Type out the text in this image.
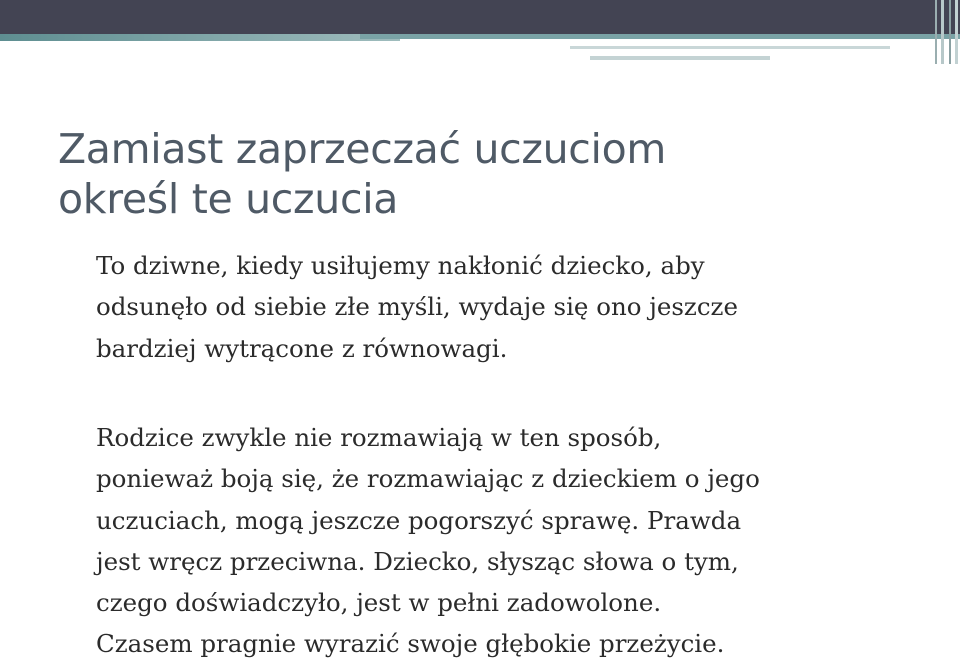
Zamiast zaprzeczać uczuciom
określ te uczucia

To dziwne, kiedy usiłujemy nakłonić dziecko, aby
odsunęło od siebie złe myśli, wydaje się ono jeszcze
bardziej wytrącone z równowagi.

Rodzice zwykle nie rozmawiają w ten sposób,
ponieważ boją się, że rozmawiając z dzieckiem o jego
uczuciach, mogą jeszcze pogorszyć sprawę. Prawda
jest wręcz przeciwna. Dziecko, słysząc słowa o tym,
czego doświadczyło, jest w pełni zadowolone.
Czasem pragnie wyrazić swoje głębokie przeżycie.
